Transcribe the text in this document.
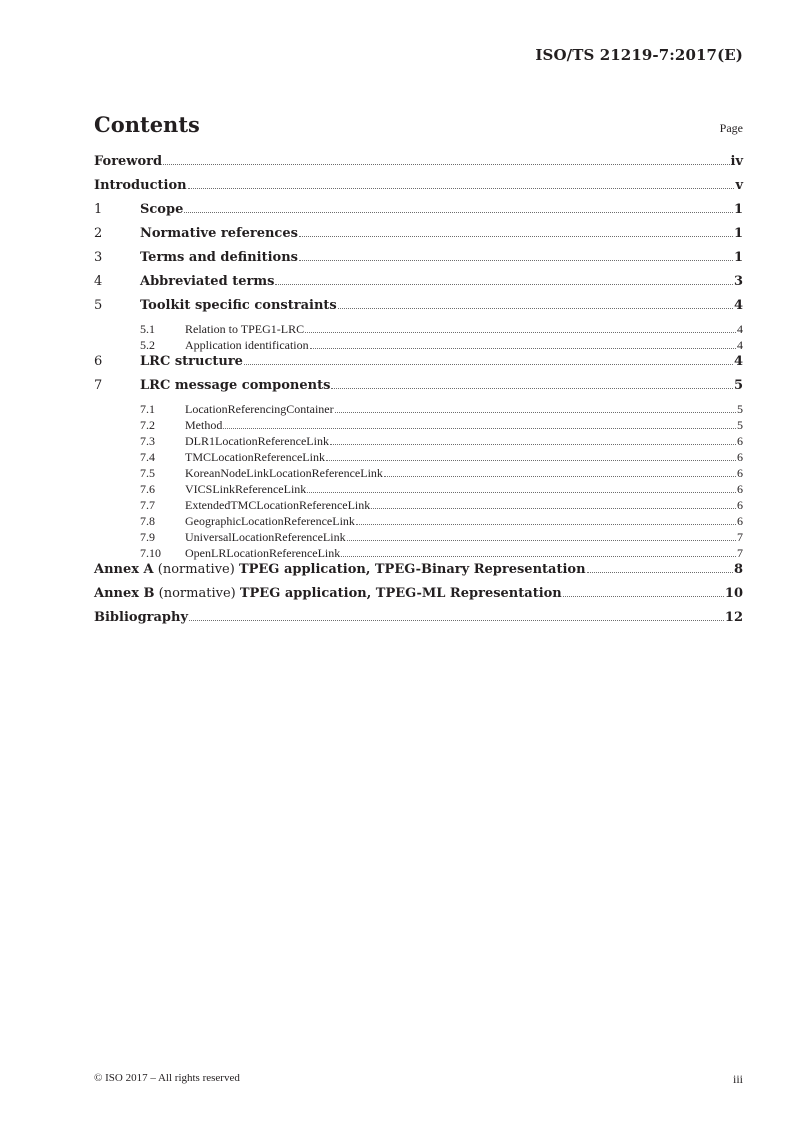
ISO/TS 21219-7:2017(E)
Contents	Page
Foreword	iv
Introduction	v
1	Scope	1
2	Normative references	1
3	Terms and definitions	1
4	Abbreviated terms	3
5	Toolkit specific constraints	4
5.1	Relation to TPEG1-LRC	4
5.2	Application identification	4
6	LRC structure	4
7	LRC message components	5
7.1	LocationReferencingContainer	5
7.2	Method	5
7.3	DLR1LocationReferenceLink	6
7.4	TMCLocationReferenceLink	6
7.5	KoreanNodeLinkLocationReferenceLink	6
7.6	VICSLinkReferenceLink	6
7.7	ExtendedTMCLocationReferenceLink	6
7.8	GeographicLocationReferenceLink	6
7.9	UniversalLocationReferenceLink	7
7.10	OpenLRLocationReferenceLink	7
Annex A (normative) TPEG application, TPEG-Binary Representation	8
Annex B (normative) TPEG application, TPEG-ML Representation	10
Bibliography	12
© ISO 2017 – All rights reserved	iii
